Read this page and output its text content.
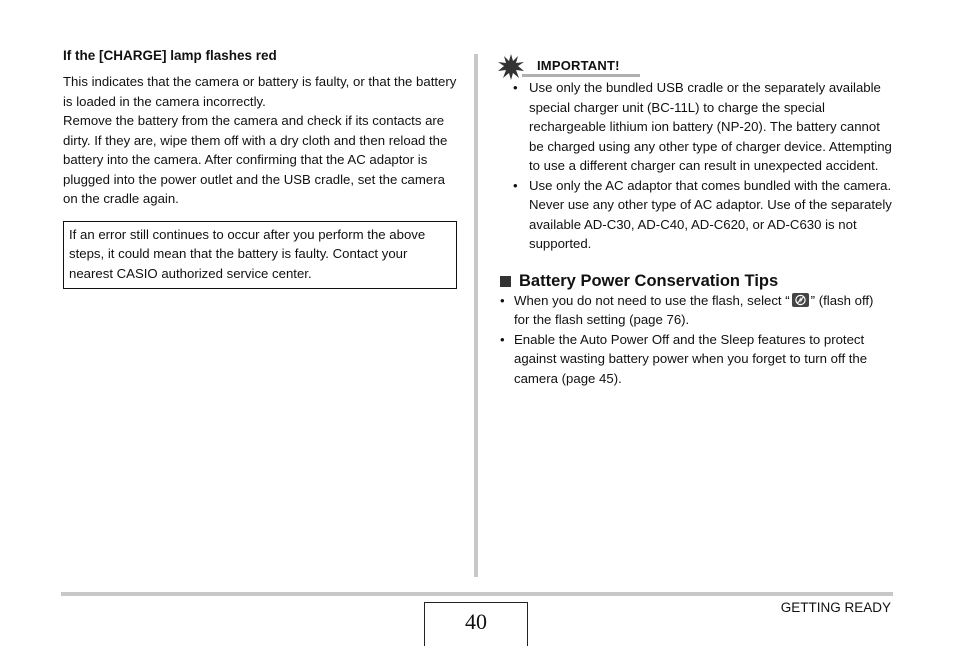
If the [CHARGE] lamp flashes red

This indicates that the camera or battery is faulty, or that the battery is loaded in the camera incorrectly.

Remove the battery from the camera and check if its contacts are dirty. If they are, wipe them off with a dry cloth and then reload the battery into the camera. After confirming that the AC adaptor is plugged into the power outlet and the USB cradle, set the camera on the cradle again.

If an error still continues to occur after you perform the above steps, it could mean that the battery is faulty. Contact your nearest CASIO authorized service center.
IMPORTANT!
• Use only the bundled USB cradle or the separately available special charger unit (BC-11L) to charge the special rechargeable lithium ion battery (NP-20). The battery cannot be charged using any other type of charger device. Attempting to use a different charger can result in unexpected accident.
• Use only the AC adaptor that comes bundled with the camera. Never use any other type of AC adaptor. Use of the separately available AD-C30, AD-C40, AD-C620, or AD-C630 is not supported.
Battery Power Conservation Tips
• When you do not need to use the flash, select “ ” (flash off) for the flash setting (page 76).
• Enable the Auto Power Off and the Sleep features to protect against wasting battery power when you forget to turn off the camera (page 45).
40
GETTING READY
